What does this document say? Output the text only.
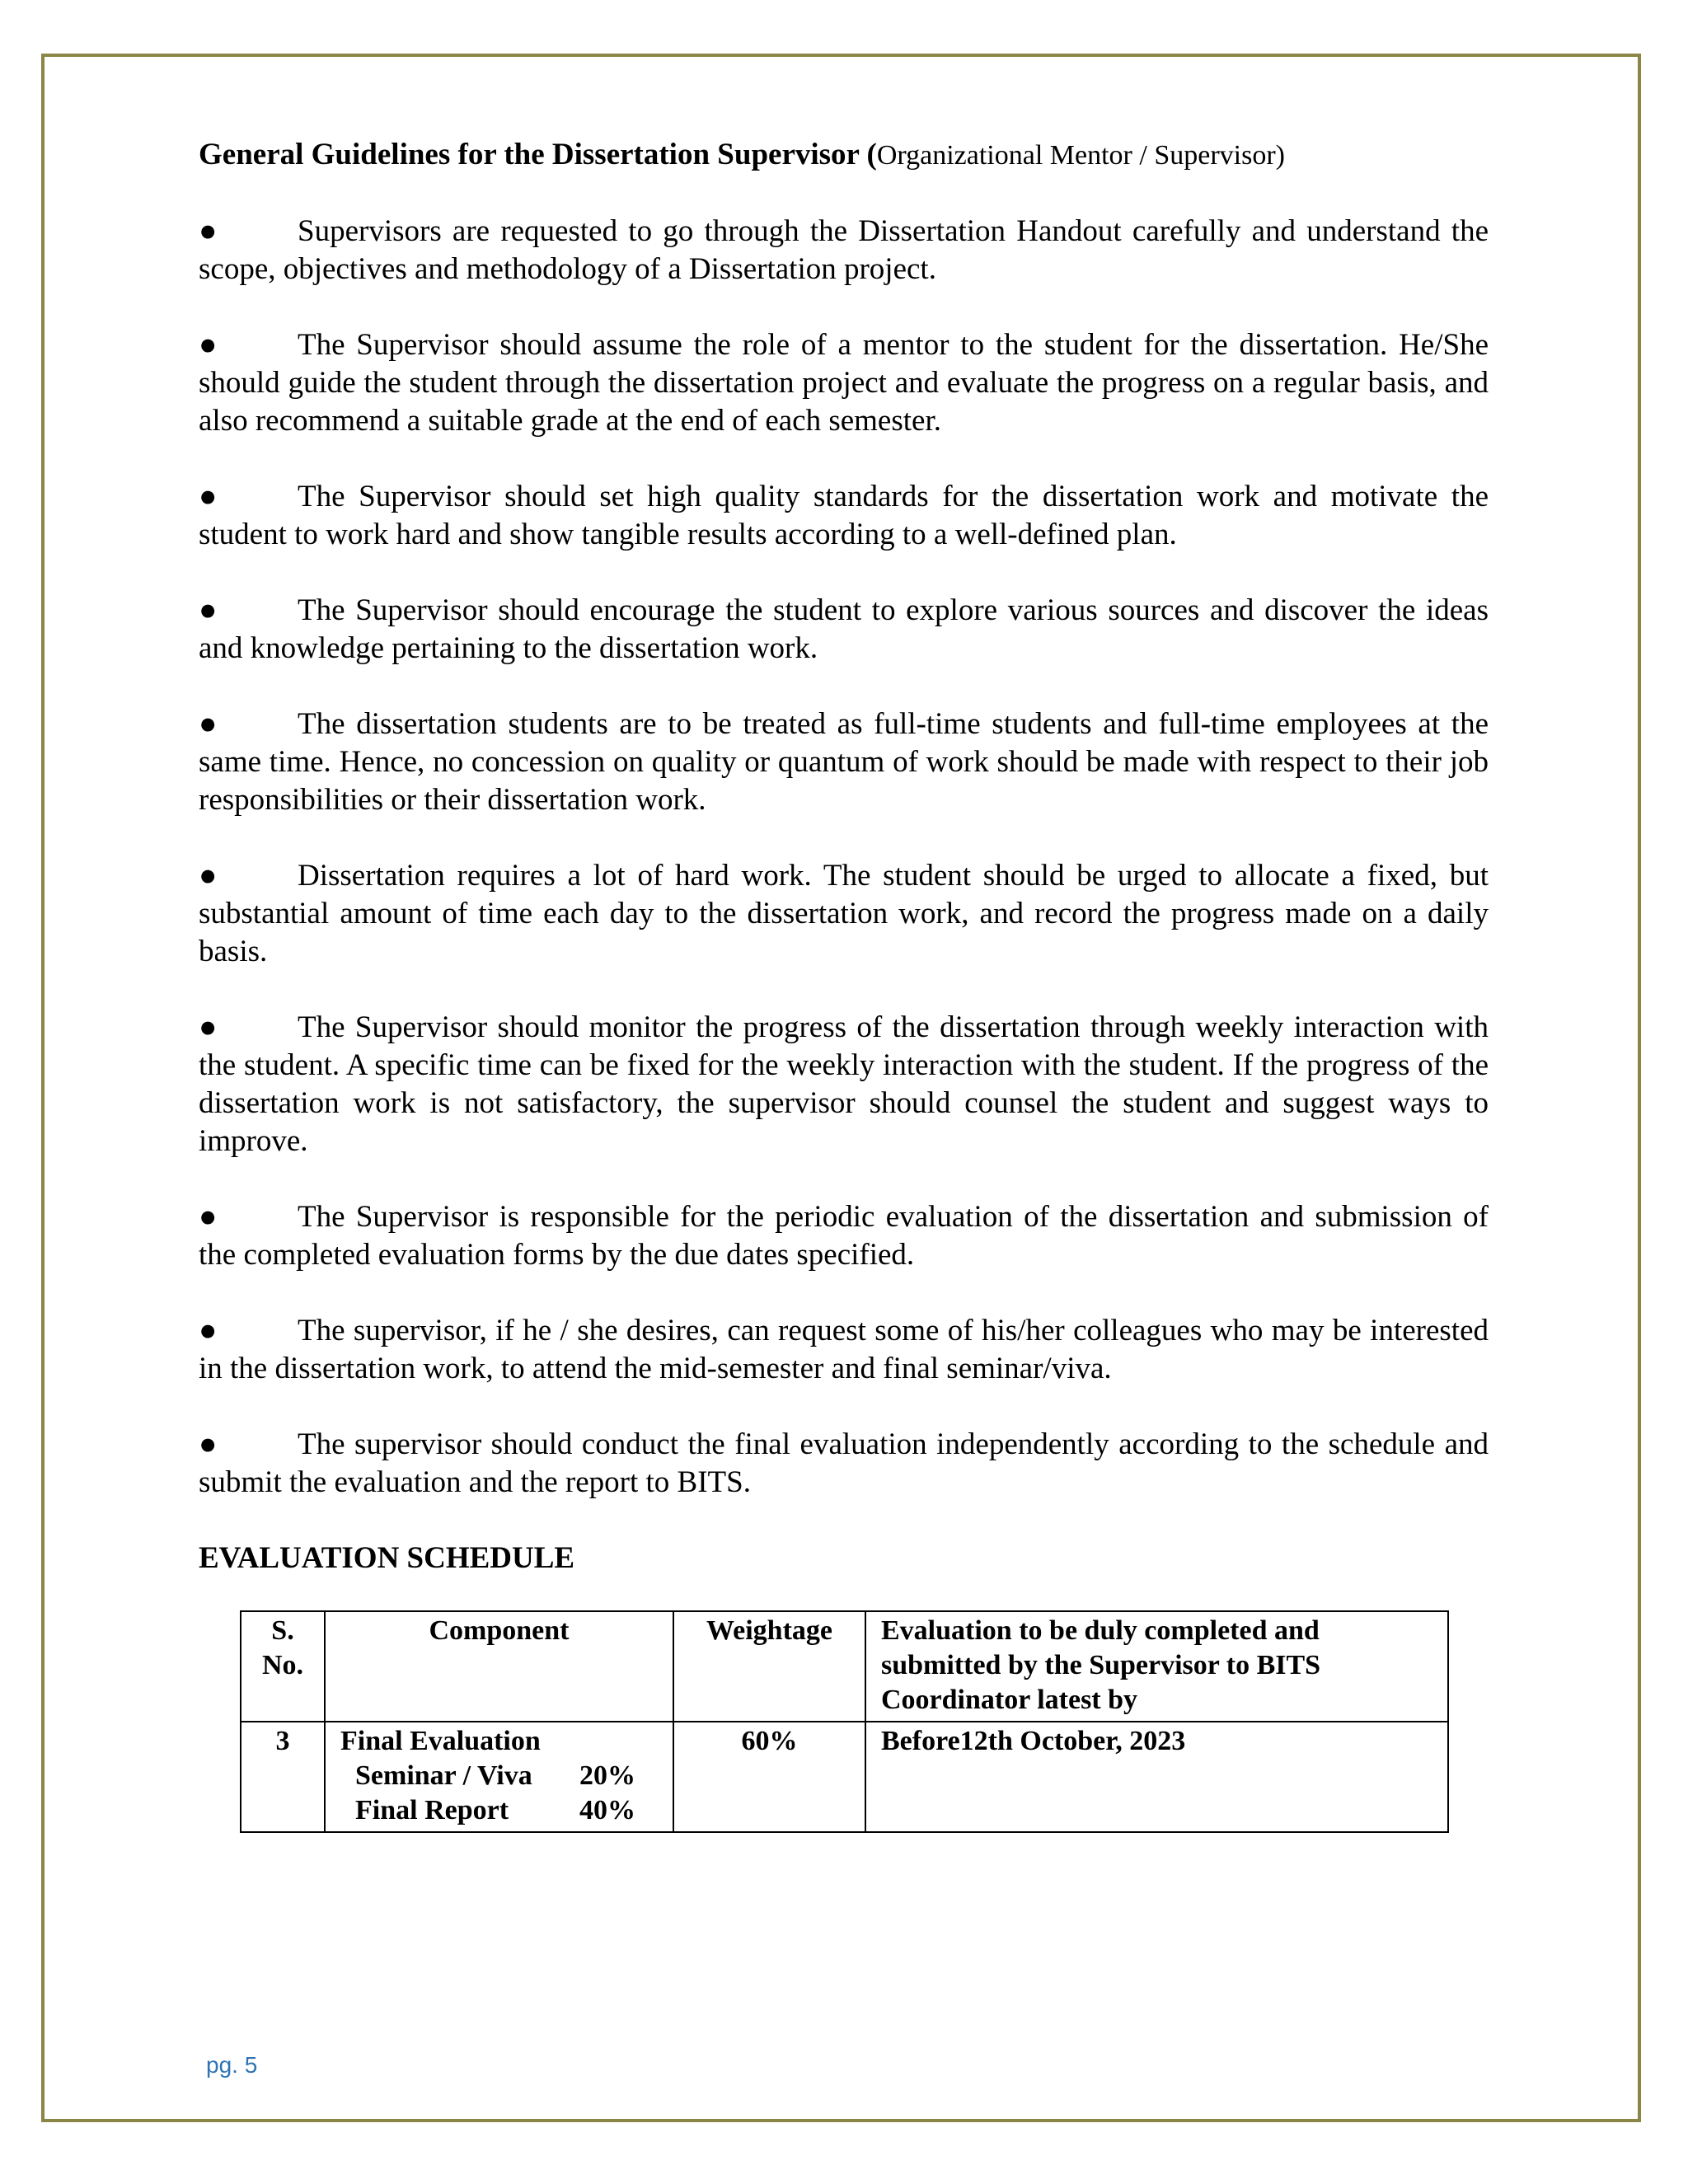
General Guidelines for the Dissertation Supervisor (Organizational Mentor / Supervisor)

●	Supervisors are requested to go through the Dissertation Handout carefully and understand the scope, objectives and methodology of a Dissertation project.

●	The Supervisor should assume the role of a mentor to the student for the dissertation. He/She should guide the student through the dissertation project and evaluate the progress on a regular basis, and also recommend a suitable grade at the end of each semester.

●	The Supervisor should set high quality standards for the dissertation work and motivate the student to work hard and show tangible results according to a well-defined plan.

●	The Supervisor should encourage the student to explore various sources and discover the ideas and knowledge pertaining to the dissertation work.

●	The dissertation students are to be treated as full-time students and full-time employees at the same time. Hence, no concession on quality or quantum of work should be made with respect to their job responsibilities or their dissertation work.

●	Dissertation requires a lot of hard work. The student should be urged to allocate a fixed, but substantial amount of time each day to the dissertation work, and record the progress made on a daily basis.

●	The Supervisor should monitor the progress of the dissertation through weekly interaction with the student. A specific time can be fixed for the weekly interaction with the student. If the progress of the dissertation work is not satisfactory, the supervisor should counsel the student and suggest ways to improve.

●	The Supervisor is responsible for the periodic evaluation of the dissertation and submission of the completed evaluation forms by the due dates specified.

●	The supervisor, if he / she desires, can request some of his/her colleagues who may be interested in the dissertation work, to attend the mid-semester and final seminar/viva.

●	The supervisor should conduct the final evaluation independently according to the schedule and submit the evaluation and the report to BITS.

EVALUATION SCHEDULE

S.
No.	Component	Weightage	Evaluation to be duly completed and submitted by the Supervisor to BITS Coordinator latest by
3	Final Evaluation
Seminar / Viva 20%
Final Report 40%	60%	Before12th October, 2023
pg. 5
